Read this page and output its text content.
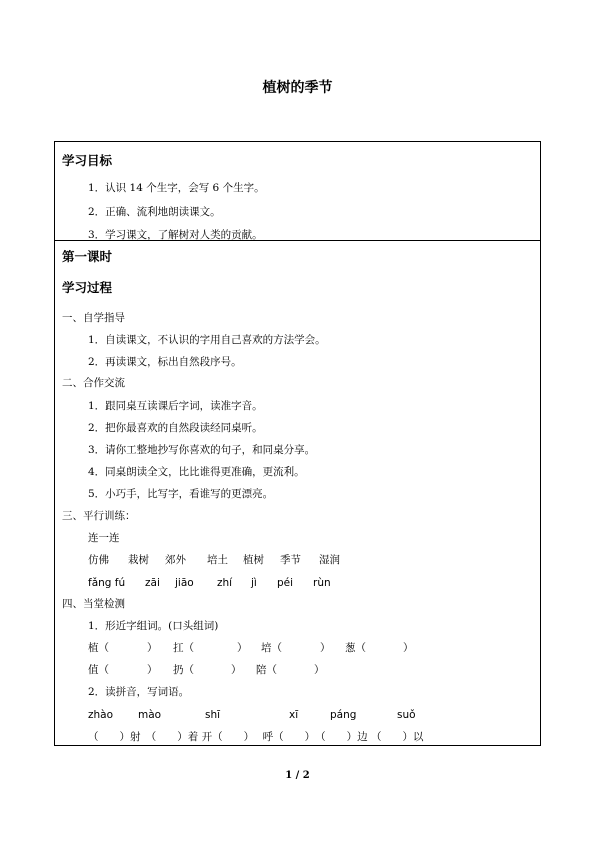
植树的季节
学习目标
1．认识 14 个生字，会写 6 个生字。
2．正确、流利地朗读课文。
3．学习课文，了解树对人类的贡献。
第一课时
学习过程
一、自学指导
1．自读课文，不认识的字用自己喜欢的方法学会。
2．再读课文，标出自然段序号。
二、合作交流
1．跟同桌互读课后字词，读准字音。
2．把你最喜欢的自然段读经同桌听。
3．请你工整地抄写你喜欢的句子，和同桌分享。
4．同桌朗读全文，比比谁得更准确，更流利。
5．小巧手，比写字，看谁写的更漂亮。
三、平行训练：
连一连
仿佛 栽树 郊外 培土 植树 季节 湿润
fǎng fú zāi jiāo zhí jì péi rùn
四、当堂检测
1．形近字组词。(口头组词)
植（	） 扛（	） 培（	） 葱（	）
值（	） 扔（	） 陪（	）
2．读拼音，写词语。
zhào mào	shī	xī	páng	suǒ
（　　）射　（　　）着 开（　　）　 呼（　　）　（　　）边 （　　）以
1 / 2
